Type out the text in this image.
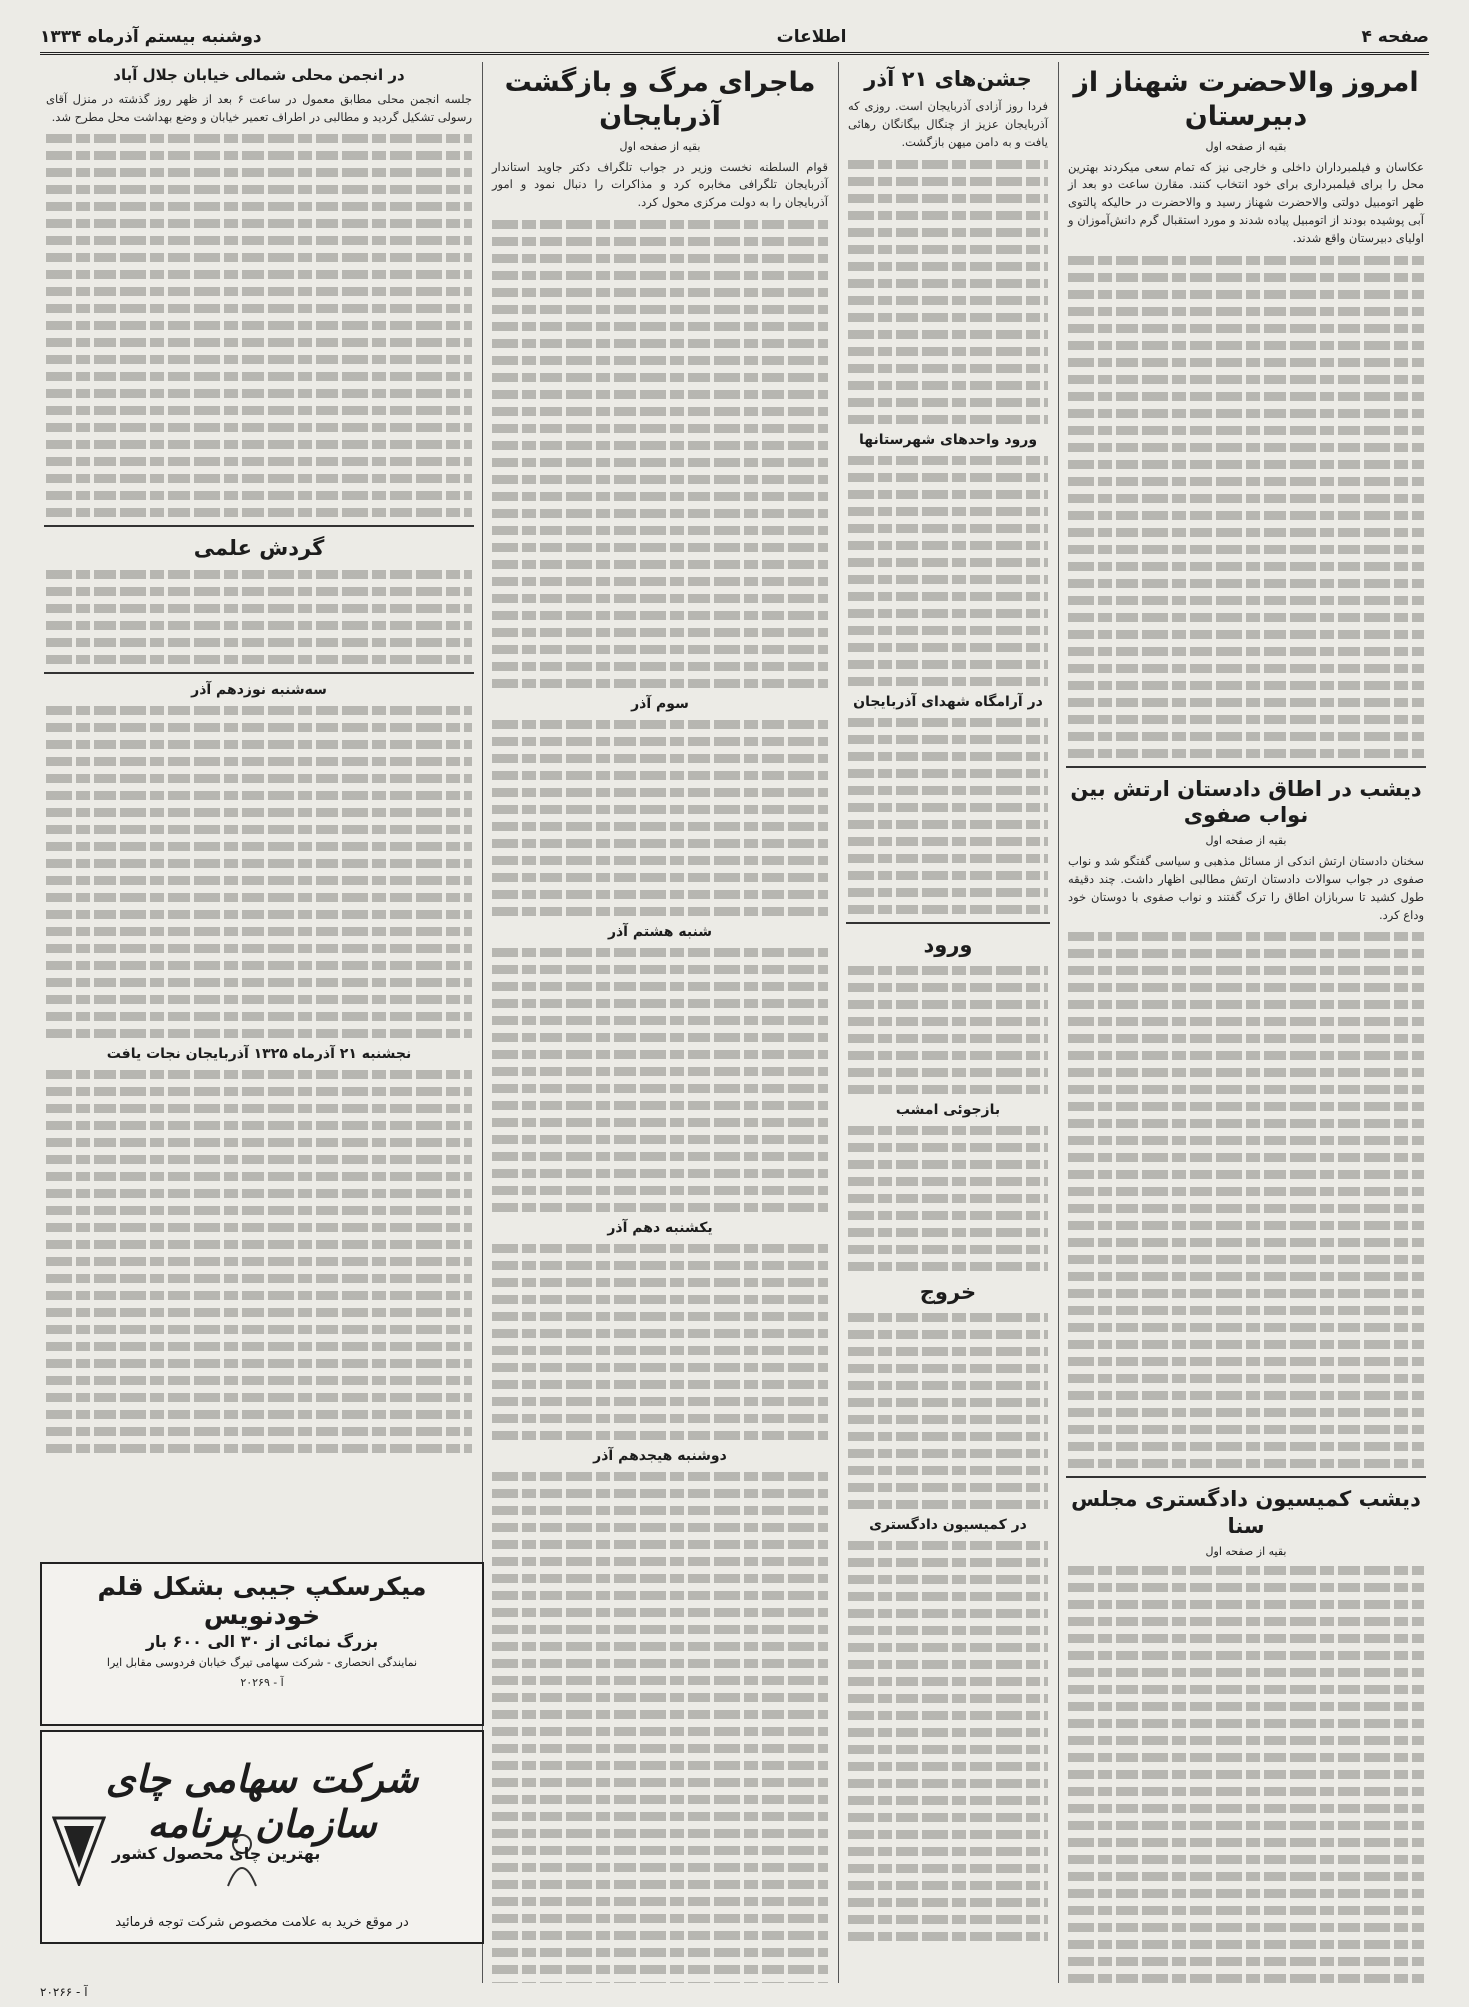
صفحه ۴
اطلاعات
دوشنبه بیستم آذرماه ۱۳۳۴
امروز والاحضرت شهناز از دبیرستان
بقیه از صفحه اول

عکاسان و فیلمبرداران داخلی و خارجی نیز که تمام سعی میکردند بهترین محل را برای فیلمبرداری برای خود انتخاب کنند. مقارن ساعت دو بعد از ظهر اتومبیل دولتی والاحضرت شهناز رسید و والاحضرت در حالیکه پالتوی آبی پوشیده بودند از اتومبیل پیاده شدند و مورد استقبال گرم دانش‌آموزان و اولیای دبیرستان واقع شدند.

دیشب در اطاق دادستان ارتش بین نواب صفوی
بقیه از صفحه اول

سخنان دادستان ارتش اندکی از مسائل مذهبی و سیاسی گفتگو شد و نواب صفوی در جواب سوالات دادستان ارتش مطالبی اظهار داشت. چند دقیقه طول کشید تا سربازان اطاق را ترک گفتند و نواب صفوی با دوستان خود وداع کرد.

دیشب کمیسیون دادگستری مجلس سنا
بقیه از صفحه اول
جشن‌های ۲۱ آذر

فردا روز آزادی آذربایجان است. روزی که آذربایجان عزیز از چنگال بیگانگان رهائی یافت و به دامن میهن بازگشت.

ورود واحدهای شهرستانها
در آرامگاه شهدای آذربایجان
ورود
بازجوئی امشب
خروج
در کمیسیون دادگستری
ماجرای مرگ و بازگشت آذربایجان
بقیه از صفحه اول

قوام السلطنه نخست وزیر در جواب تلگراف دکتر جاوید استاندار آذربایجان تلگرافی مخابره کرد و مذاکرات را دنبال نمود و امور آذربایجان را به دولت مرکزی محول کرد.

سوم آذر
شنبه هشتم آذر
یکشنبه دهم آذر
دوشنبه هیجدهم آذر
در انجمن محلی شمالی خیابان جلال آباد

جلسه انجمن محلی مطابق معمول در ساعت ۶ بعد از ظهر روز گذشته در منزل آقای رسولی تشکیل گردید و مطالبی در اطراف تعمیر خیابان و وضع بهداشت محل مطرح شد.

گردش علمی
سه‌شنبه نوزدهم آذر
نجشنبه ۲۱ آذرماه ۱۳۲۵ آذربایجان نجات یافت
میکرسکپ جیبی بشکل قلم خودنویس
بزرگ نمائی از ۳۰ الی ۶۰۰ بار
نمایندگی انحصاری - شرکت سهامی تیرگ خیابان فردوسی مقابل ایرا
آ - ۲۰۲۶۹
شرکت سهامی چای سازمان برنامه
بهترین چای محصول کشور
در موقع خرید به علامت مخصوص شرکت توجه فرمائید
آ - ۲۰۲۶۶
